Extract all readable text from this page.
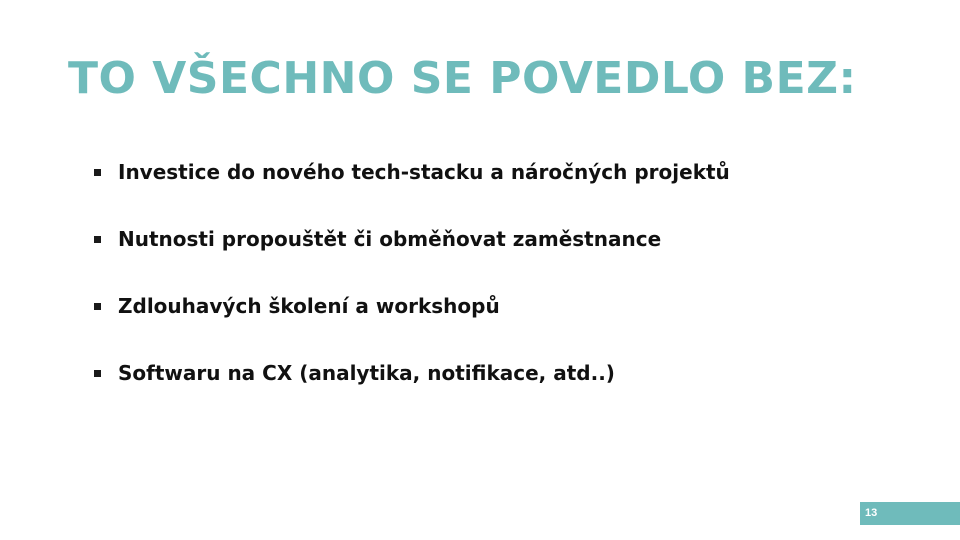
TO VŠECHNO SE POVEDLO BEZ:
Investice do nového tech-stacku a náročných projektů
Nutnosti propouštět či obměňovat zaměstnance
Zdlouhavých školení a workshopů
Softwaru na CX (analytika, notifikace, atd..)
13
